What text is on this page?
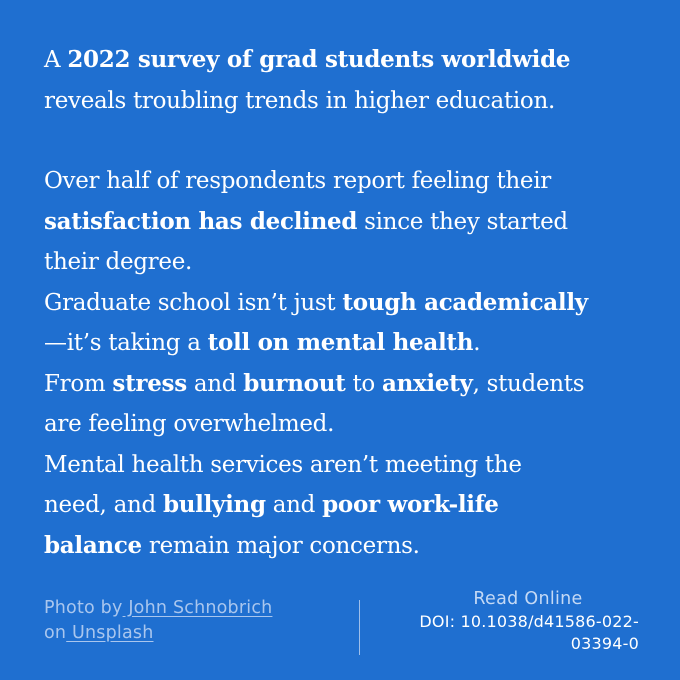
A 2022 survey of grad students worldwide
reveals troubling trends in higher education.
Over half of respondents report feeling their
satisfaction has declined since they started
their degree.
Graduate school isn’t just tough academically
—it’s taking a toll on mental health.
From stress and burnout to anxiety, students
are feeling overwhelmed.
Mental health services aren’t meeting the
need, and bullying and poor work-life
balance remain major concerns.
Photo by John Schnobrich
on Unsplash
Read Online
DOI: 10.1038/d41586-022-
03394-0
